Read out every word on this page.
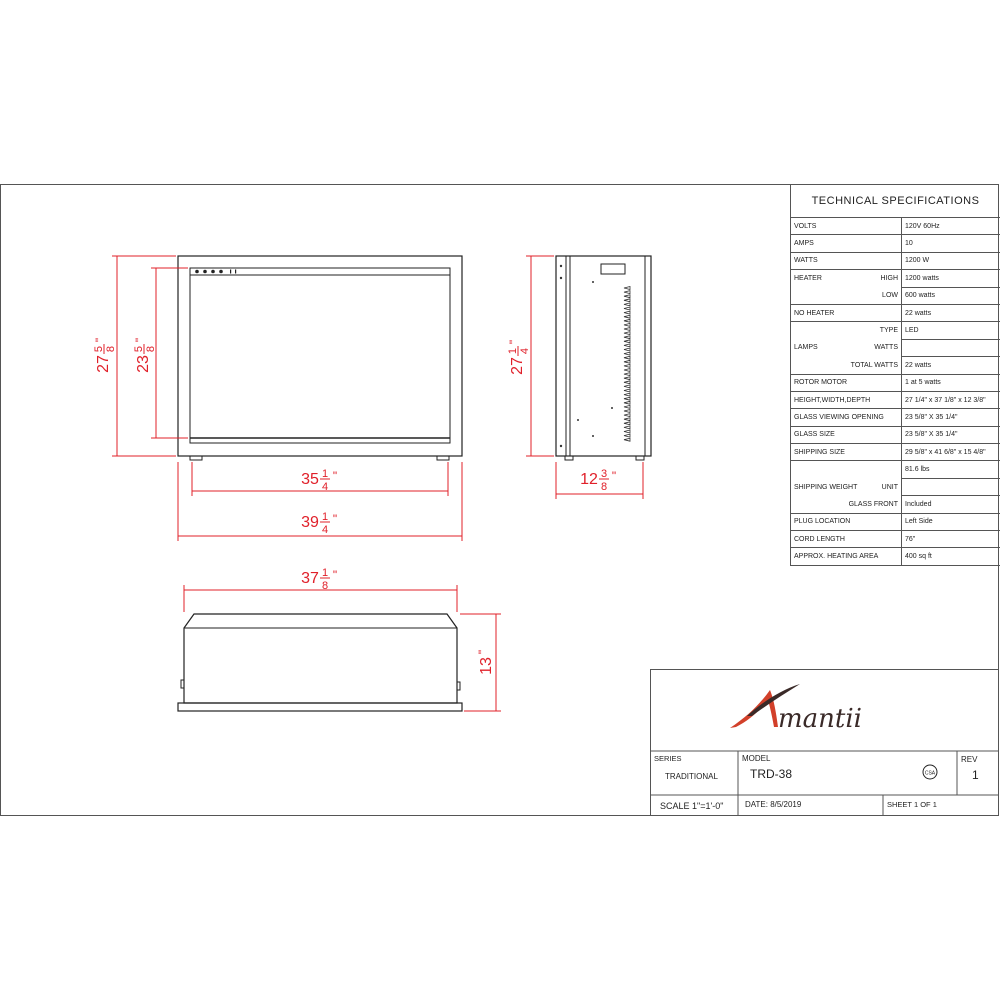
27
5 8
"
23
5 8
"
35 1
4
"
39 1
4
"
27
1 4
"
12 3
8
"
37 1
8
"
13
"
mantii
SERIES
TRADITIONAL
MODEL
TRD-38
REV
1
CSA
SCALE 1"=1'-0"	DATE: 8/5/2019	SHEET 1 OF 1
TECHNICAL SPECIFICATIONS
VOLTS	120V 60Hz
AMPS	10
WATTS	1200 W

HEATER HIGH	1200 watts

LOW	600 watts
NO HEATER	22 watts

TYPE	LED

LAMPS WATTS	

TOTAL WATTS	22 watts
ROTOR MOTOR	1 at 5 watts
HEIGHT,WIDTH,DEPTH	27 1/4" x 37 1/8" x 12 3/8"
GLASS VIEWING OPENING	23 5/8" X 35 1/4"
GLASS SIZE	23 5/8" X 35 1/4"
SHIPPING SIZE	29 5/8" x 41 6/8" x 15 4/8"

	81.6 lbs

SHIPPING WEIGHT UNIT	

GLASS FRONT	Included
PLUG LOCATION	Left Side
CORD LENGTH	76"
APPROX. HEATING AREA	400 sq ft
